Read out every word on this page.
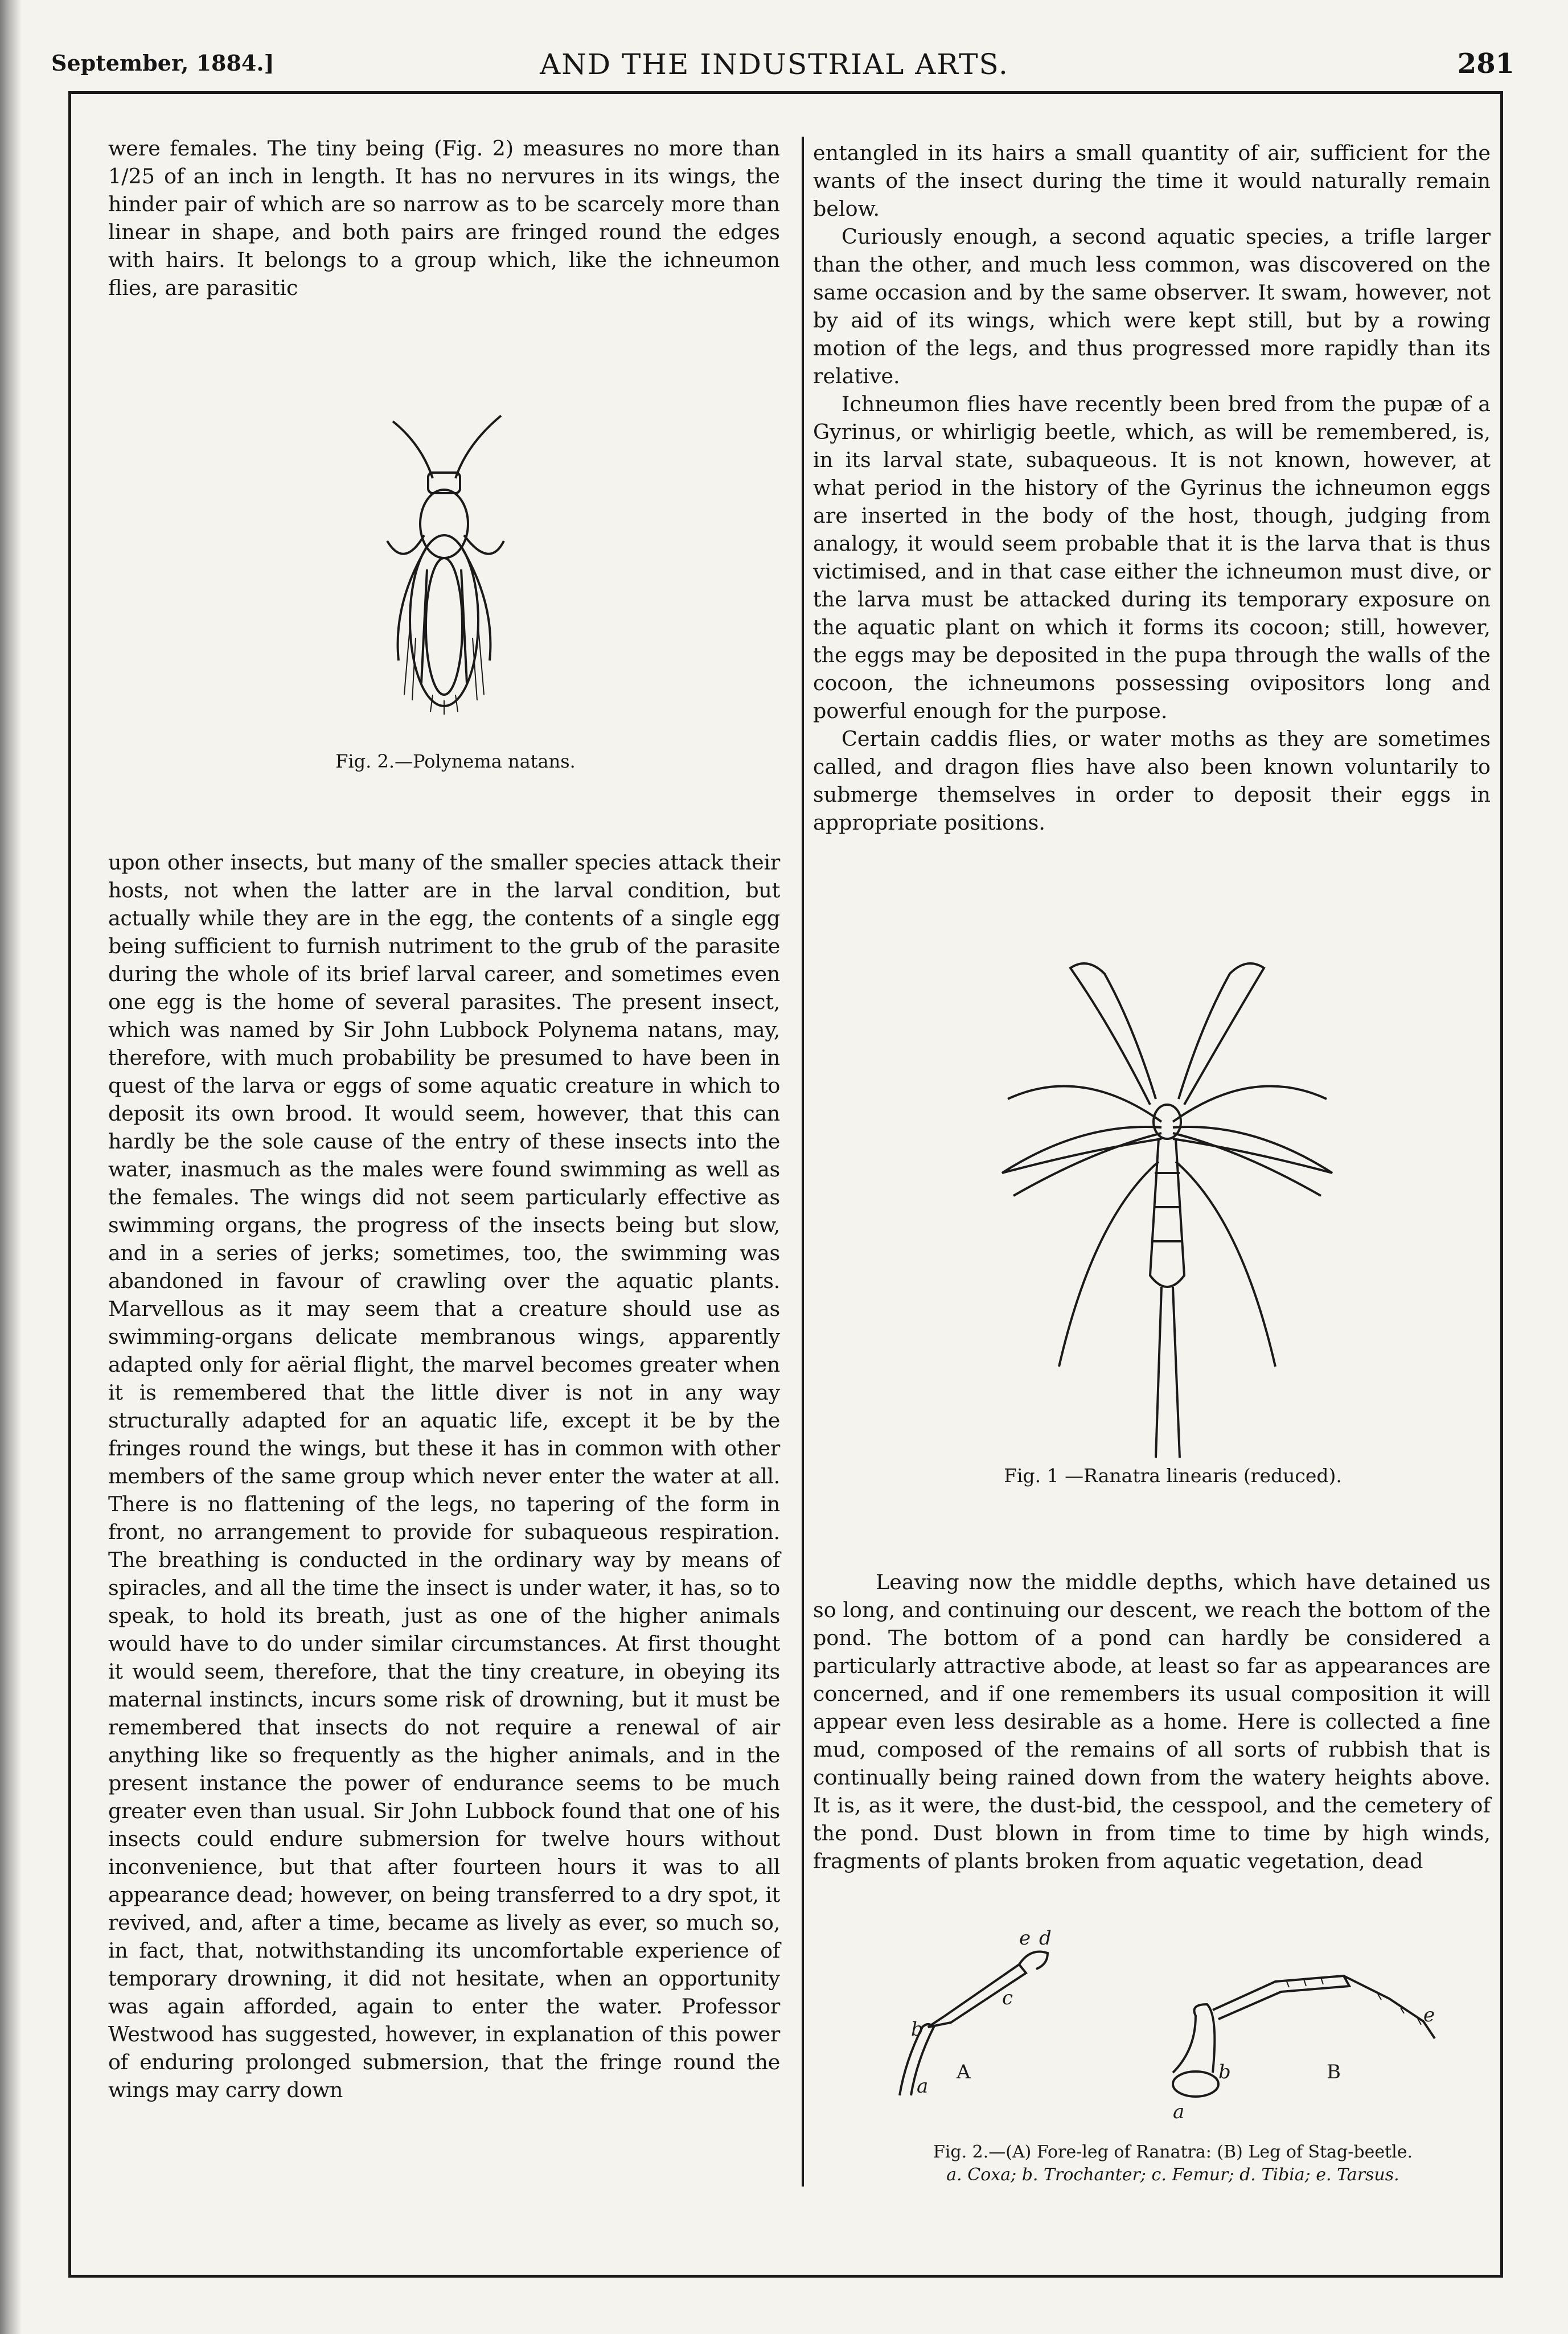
September, 1884.]	AND THE INDUSTRIAL ARTS.	281

were females. The tiny being (Fig. 2) measures no more than 1/25 of an inch in length. It has no nervures in its wings, the hinder pair of which are so narrow as to be scarcely more than linear in shape, and both pairs are fringed round the edges with hairs. It belongs to a group which, like the ichneumon flies, are parasitic

Fig. 2.—Polynema natans.

upon other insects, but many of the smaller species attack their hosts, not when the latter are in the larval condition, but actually while they are in the egg, the contents of a single egg being sufficient to furnish nutriment to the grub of the parasite during the whole of its brief larval career, and sometimes even one egg is the home of several parasites. The present insect, which was named by Sir John Lubbock Polynema natans, may, therefore, with much probability be presumed to have been in quest of the larva or eggs of some aquatic creature in which to deposit its own brood. It would seem, however, that this can hardly be the sole cause of the entry of these insects into the water, inasmuch as the males were found swimming as well as the females. The wings did not seem particularly effective as swimming organs, the progress of the insects being but slow, and in a series of jerks; sometimes, too, the swimming was abandoned in favour of crawling over the aquatic plants. Marvellous as it may seem that a creature should use as swimming-organs delicate membranous wings, apparently adapted only for aërial flight, the marvel becomes greater when it is remembered that the little diver is not in any way structurally adapted for an aquatic life, except it be by the fringes round the wings, but these it has in common with other members of the same group which never enter the water at all. There is no flattening of the legs, no tapering of the form in front, no arrangement to provide for subaqueous respiration. The breathing is conducted in the ordinary way by means of spiracles, and all the time the insect is under water, it has, so to speak, to hold its breath, just as one of the higher animals would have to do under similar circumstances. At first thought it would seem, therefore, that the tiny creature, in obeying its maternal instincts, incurs some risk of drowning, but it must be remembered that insects do not require a renewal of air anything like so frequently as the higher animals, and in the present instance the power of endurance seems to be much greater even than usual. Sir John Lubbock found that one of his insects could endure submersion for twelve hours without inconvenience, but that after fourteen hours it was to all appearance dead; however, on being transferred to a dry spot, it revived, and, after a time, became as lively as ever, so much so, in fact, that, notwithstanding its uncomfortable experience of temporary drowning, it did not hesitate, when an opportunity was again afforded, again to enter the water. Professor Westwood has suggested, however, in explanation of this power of enduring prolonged submersion, that the fringe round the wings may carry down

entangled in its hairs a small quantity of air, sufficient for the wants of the insect during the time it would naturally remain below.

Curiously enough, a second aquatic species, a trifle larger than the other, and much less common, was discovered on the same occasion and by the same observer. It swam, however, not by aid of its wings, which were kept still, but by a rowing motion of the legs, and thus progressed more rapidly than its relative.

Ichneumon flies have recently been bred from the pupæ of a Gyrinus, or whirligig beetle, which, as will be remembered, is, in its larval state, subaqueous. It is not known, however, at what period in the history of the Gyrinus the ichneumon eggs are inserted in the body of the host, though, judging from analogy, it would seem probable that it is the larva that is thus victimised, and in that case either the ichneumon must dive, or the larva must be attacked during its temporary exposure on the aquatic plant on which it forms its cocoon; still, however, the eggs may be deposited in the pupa through the walls of the cocoon, the ichneumons possessing ovipositors long and powerful enough for the purpose.

Certain caddis flies, or water moths as they are sometimes called, and dragon flies have also been known voluntarily to submerge themselves in order to deposit their eggs in appropriate positions.

Fig. 1 —Ranatra linearis (reduced).

Leaving now the middle depths, which have detained us so long, and continuing our descent, we reach the bottom of the pond. The bottom of a pond can hardly be considered a particularly attractive abode, at least so far as appearances are concerned, and if one remembers its usual composition it will appear even less desirable as a home. Here is collected a fine mud, composed of the remains of all sorts of rubbish that is continually being rained down from the watery heights above. It is, as it were, the dust-bid, the cesspool, and the cemetery of the pond. Dust blown in from time to time by high winds, fragments of plants broken from aquatic vegetation, dead

a
A
b
c
d
e
a
b	B
e
Fig. 2.—(A) Fore-leg of Ranatra: (B) Leg of Stag-beetle.
a. Coxa; b. Trochanter; c. Femur; d. Tibia; e. Tarsus.
